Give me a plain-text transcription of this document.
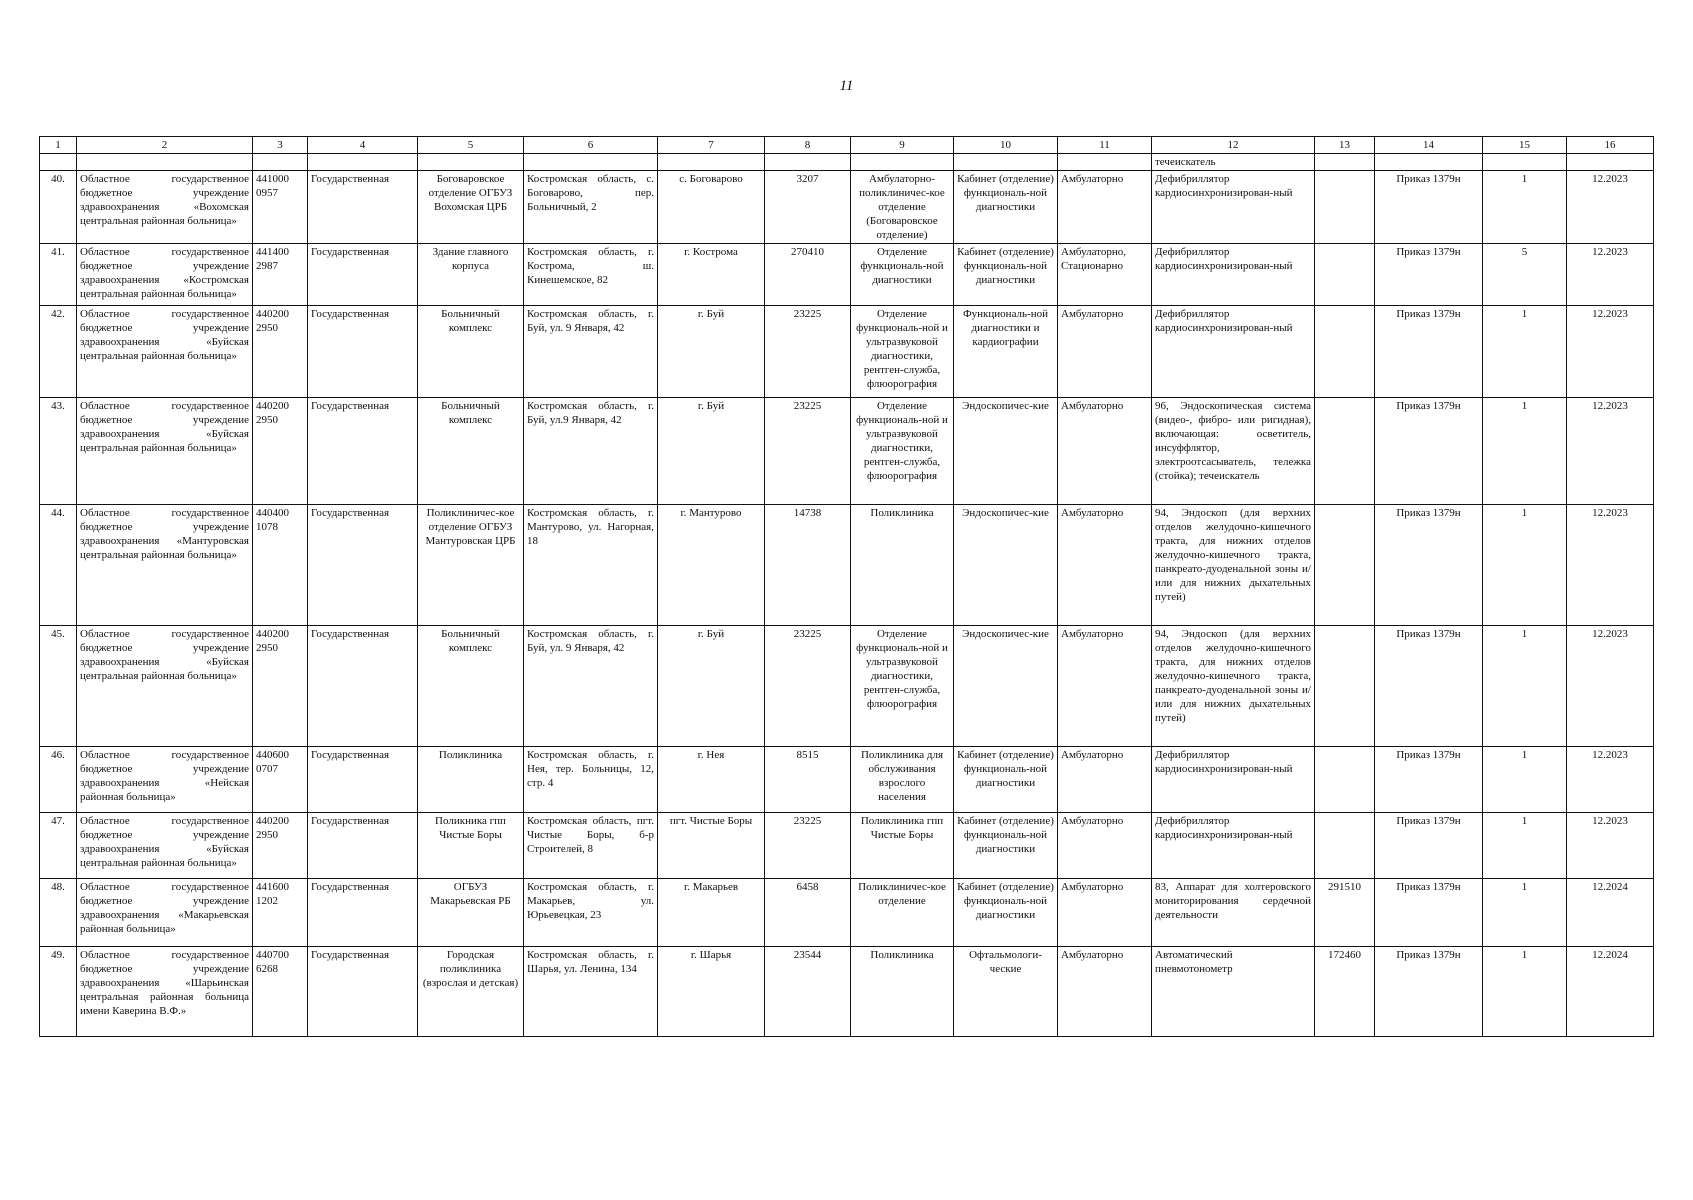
11
1	2	3	4	5	6	7	8	9	10	11	12	13	14	15	16
											течеискатель				
40.	Областное государственное бюджетное учреждение здравоохранения «Вохомская центральная районная больница»	441000 0957	Государственная	Боговаровское отделение ОГБУЗ Вохомская ЦРБ	Костромская область, с. Боговарово, пер. Больничный, 2	с. Боговарово	3207	Амбулаторно-поликлиничес-кое отделение (Боговаровское отделение)	Кабинет (отделение) функциональ-ной диагностики	Амбулаторно	Дефибриллятор кардиосинхронизирован-ный		Приказ 1379н	1	12.2023
41.	Областное государственное бюджетное учреждение здравоохранения «Костромская центральная районная больница»	441400 2987	Государственная	Здание главного корпуса	Костромская область, г. Кострома, ш. Кинешемское, 82	г. Кострома	270410	Отделение функциональ-ной диагностики	Кабинет (отделение) функциональ-ной диагностики	Амбулаторно, Стационарно	Дефибриллятор кардиосинхронизирован-ный		Приказ 1379н	5	12.2023
42.	Областное государственное бюджетное учреждение здравоохранения «Буйская центральная районная больница»	440200 2950	Государственная	Больничный комплекс	Костромская область, г. Буй, ул. 9 Января, 42	г. Буй	23225	Отделение функциональ-ной и ультразвуковой диагностики, рентген-служба, флюорография	Функциональ-ной диагностики и кардиографии	Амбулаторно	Дефибриллятор кардиосинхронизирован-ный		Приказ 1379н	1	12.2023
43.	Областное государственное бюджетное учреждение здравоохранения «Буйская центральная районная больница»	440200 2950	Государственная	Больничный комплекс	Костромская область, г. Буй, ул.9 Января, 42	г. Буй	23225	Отделение функциональ-ной и ультразвуковой диагностики, рентген-служба, флюорография	Эндоскопичес-кие	Амбулаторно	96, Эндоскопическая система (видео-, фибро- или ригидная), включающая: осветитель, инсуффлятор, электроотсасыватель, тележка (стойка); течеискатель		Приказ 1379н	1	12.2023
44.	Областное государственное бюджетное учреждение здравоохранения «Мантуровская центральная районная больница»	440400 1078	Государственная	Поликлиничес-кое отделение ОГБУЗ Мантуровская ЦРБ	Костромская область, г. Мантурово, ул. Нагорная, 18	г. Мантурово	14738	Поликлиника	Эндоскопичес-кие	Амбулаторно	94, Эндоскоп (для верхних отделов желудочно-кишечного тракта, для нижних отделов желудочно-кишечного тракта, панкреато-дуоденальной зоны и/или для нижних дыхательных путей)		Приказ 1379н	1	12.2023
45.	Областное государственное бюджетное учреждение здравоохранения «Буйская центральная районная больница»	440200 2950	Государственная	Больничный комплекс	Костромская область, г. Буй, ул. 9 Января, 42	г. Буй	23225	Отделение функциональ-ной и ультразвуковой диагностики, рентген-служба, флюорография	Эндоскопичес-кие	Амбулаторно	94, Эндоскоп (для верхних отделов желудочно-кишечного тракта, для нижних отделов желудочно-кишечного тракта, панкреато-дуоденальной зоны и/или для нижних дыхательных путей)		Приказ 1379н	1	12.2023
46.	Областное государственное бюджетное учреждение здравоохранения «Нейская районная больница»	440600 0707	Государственная	Поликлиника	Костромская область, г. Нея, тер. Больницы, 12, стр. 4	г. Нея	8515	Поликлиника для обслуживания взрослого населения	Кабинет (отделение) функциональ-ной диагностики	Амбулаторно	Дефибриллятор кардиосинхронизирован-ный		Приказ 1379н	1	12.2023
47.	Областное государственное бюджетное учреждение здравоохранения «Буйская центральная районная больница»	440200 2950	Государственная	Поликника гпп Чистые Боры	Костромская область, пгт. Чистые Боры, б-р Строителей, 8	пгт. Чистые Боры	23225	Поликлиника гпп Чистые Боры	Кабинет (отделение) функциональ-ной диагностики	Амбулаторно	Дефибриллятор кардиосинхронизирован-ный		Приказ 1379н	1	12.2023
48.	Областное государственное бюджетное учреждение здравоохранения «Макарьевская районная больница»	441600 1202	Государственная	ОГБУЗ Макарьевская РБ	Костромская область, г. Макарьев, ул. Юрьевецкая, 23	г. Макарьев	6458	Поликлиничес-кое отделение	Кабинет (отделение) функциональ-ной диагностики	Амбулаторно	83, Аппарат для холтеровского мониторирования сердечной деятельности	291510	Приказ 1379н	1	12.2024
49.	Областное государственное бюджетное учреждение здравоохранения «Шарьинская центральная районная больница имени Каверина В.Ф.»	440700 6268	Государственная	Городская поликлиника (взрослая и детская)	Костромская область, г. Шарья, ул. Ленина, 134	г. Шарья	23544	Поликлиника	Офтальмологи-ческие	Амбулаторно	Автоматический пневмотонометр	172460	Приказ 1379н	1	12.2024
